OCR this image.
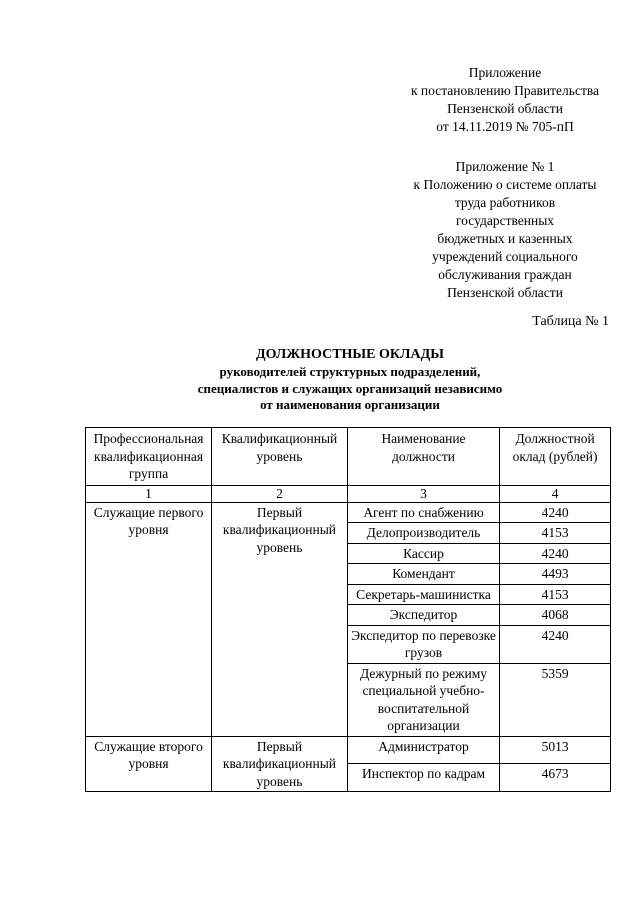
Приложение
к постановлению Правительства
Пензенской области
от 14.11.2019 № 705-пП
Приложение № 1
к Положению о системе оплаты
труда работников
государственных
бюджетных и казенных
учреждений социального
обслуживания граждан
Пензенской области
Таблица № 1
ДОЛЖНОСТНЫЕ ОКЛАДЫ
руководителей структурных подразделений,
специалистов и служащих организаций независимо
от наименования организации
Профессиональная квалификационная группа	Квалификационный уровень	Наименование должности	Должностной оклад (рублей)
1	2	3	4
Служащие первого уровня	Первый квалификационный уровень	Агент по снабжению	4240
		Делопроизводитель	4153
		Кассир	4240
		Комендант	4493
		Секретарь-машинистка	4153
		Экспедитор	4068
		Экспедитор по перевозке грузов	4240
		Дежурный по режиму специальной учебно-воспитательной организации	5359
Служащие второго уровня	Первый квалификационный уровень	Администратор	5013
		Инспектор по кадрам	4673
